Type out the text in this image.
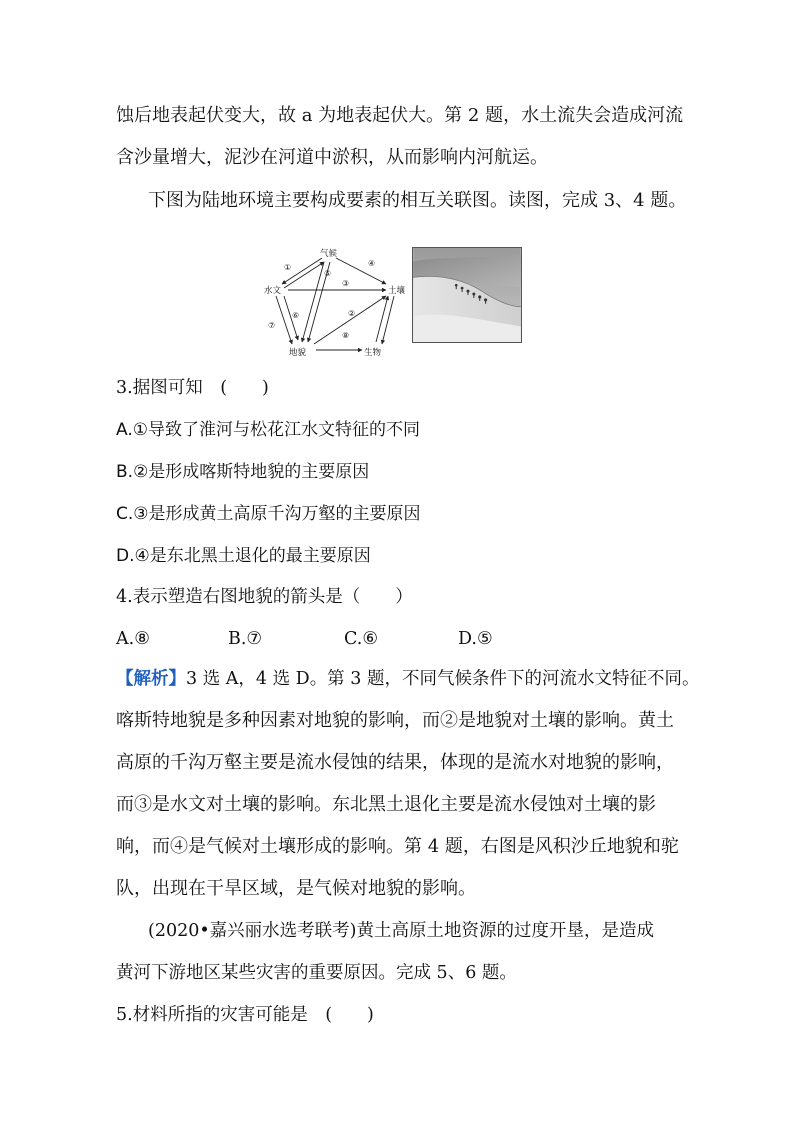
蚀后地表起伏变大，故 a 为地表起伏大。第 2 题，水土流失会造成河流
含沙量增大，泥沙在河道中淤积，从而影响内河航运。
下图为陆地环境主要构成要素的相互关联图。读图，完成 3、4 题。
气候
水文	土壤
地貌	生物
①
②
③
④
⑤
⑥
⑦
⑧
3.据图可知　(　　)
A.①导致了淮河与松花江水文特征的不同
B.②是形成喀斯特地貌的主要原因
C.③是形成黄土高原千沟万壑的主要原因
D.④是东北黑土退化的最主要原因
4.表示塑造右图地貌的箭头是（　　）
A.⑧	B.⑦	C.⑥	D.⑤
【解析】3 选 A，4 选 D。第 3 题，不同气候条件下的河流水文特征不同。
喀斯特地貌是多种因素对地貌的影响，而②是地貌对土壤的影响。黄土
高原的千沟万壑主要是流水侵蚀的结果，体现的是流水对地貌的影响，
而③是水文对土壤的影响。东北黑土退化主要是流水侵蚀对土壤的影
响，而④是气候对土壤形成的影响。第 4 题，右图是风积沙丘地貌和驼
队，出现在干旱区域，是气候对地貌的影响。
(2020•嘉兴丽水选考联考)黄土高原土地资源的过度开垦，是造成
黄河下游地区某些灾害的重要原因。完成 5、6 题。
5.材料所指的灾害可能是　(　　)
